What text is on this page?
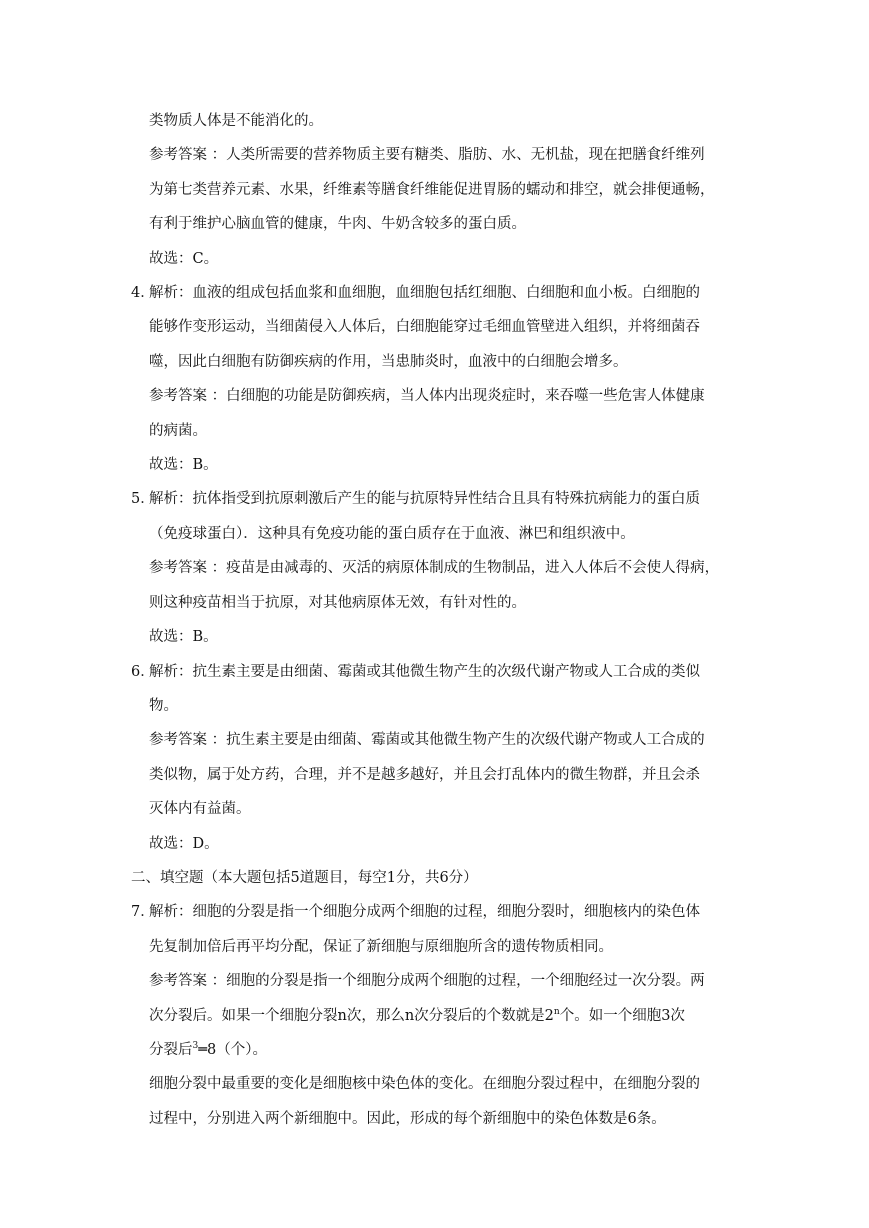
类物质人体是不能消化的。
参考答案 ：人类所需要的营养物质主要有糖类、脂肪、水、无机盐，现在把膳食纤维列
为第七类营养元素、水果，纤维素等膳食纤维能促进胃肠的蠕动和排空，就会排便通畅，
有利于维护心脑血管的健康，牛肉、牛奶含较多的蛋白质。
故选：C。
4．解析：血液的组成包括血浆和血细胞，血细胞包括红细胞、白细胞和血小板。白细胞的
能够作变形运动，当细菌侵入人体后，白细胞能穿过毛细血管壁进入组织，并将细菌吞
噬，因此白细胞有防御疾病的作用，当患肺炎时，血液中的白细胞会增多。
参考答案 ：白细胞的功能是防御疾病，当人体内出现炎症时，来吞噬一些危害人体健康
的病菌。
故选：B。
5．解析：抗体指受到抗原刺激后产生的能与抗原特异性结合且具有特殊抗病能力的蛋白质
（免疫球蛋白）．这种具有免疫功能的蛋白质存在于血液、淋巴和组织液中。
参考答案 ：疫苗是由减毒的、灭活的病原体制成的生物制品，进入人体后不会使人得病，
则这种疫苗相当于抗原，对其他病原体无效，有针对性的。
故选：B。
6．解析：抗生素主要是由细菌、霉菌或其他微生物产生的次级代谢产物或人工合成的类似
物。
参考答案 ：抗生素主要是由细菌、霉菌或其他微生物产生的次级代谢产物或人工合成的
类似物，属于处方药，合理，并不是越多越好，并且会打乱体内的微生物群，并且会杀
灭体内有益菌。
故选：D。
二、填空题（本大题包括5道题目，每空1分，共6分）
7．解析：细胞的分裂是指一个细胞分成两个细胞的过程，细胞分裂时，细胞核内的染色体
先复制加倍后再平均分配，保证了新细胞与原细胞所含的遗传物质相同。
参考答案 ：细胞的分裂是指一个细胞分成两个细胞的过程，一个细胞经过一次分裂。两
次分裂后。如果一个细胞分裂n次，那么n次分裂后的个数就是2$^n$个。如一个细胞3次
分裂后$^3$═8（个）。
细胞分裂中最重要的变化是细胞核中染色体的变化。在细胞分裂过程中，在细胞分裂的
过程中，分别进入两个新细胞中。因此，形成的每个新细胞中的染色体数是6条。
